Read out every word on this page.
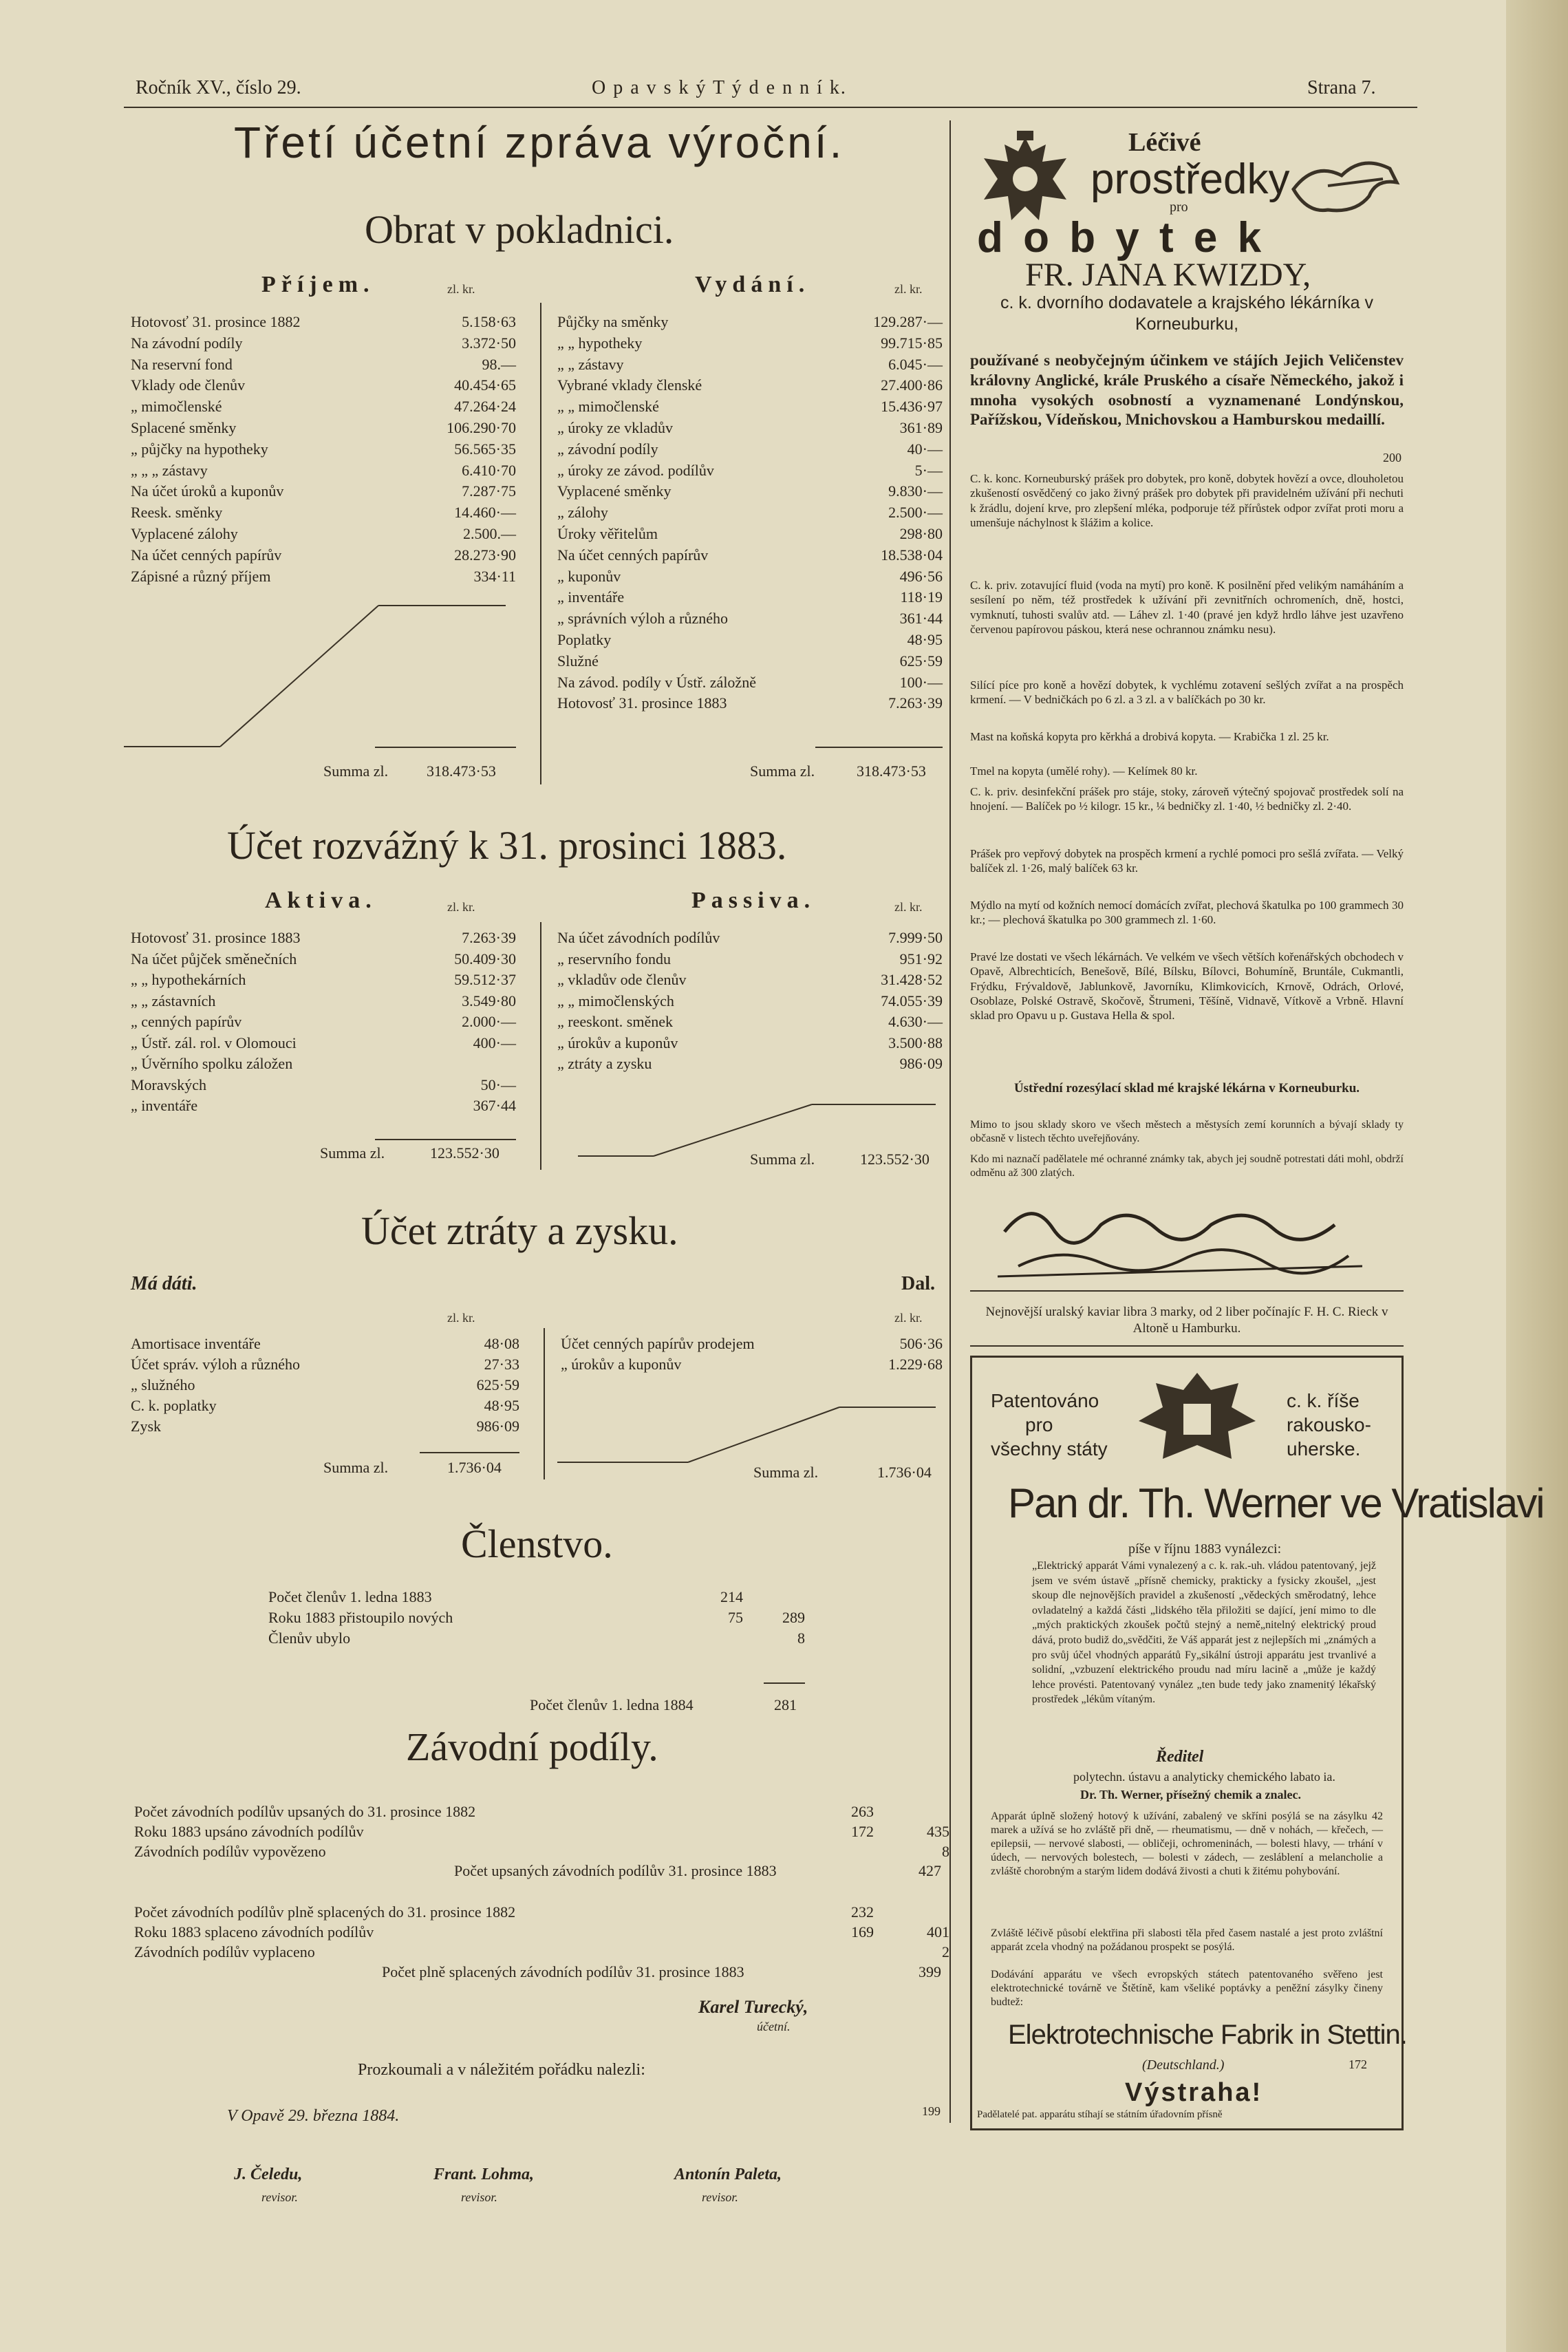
Ročník XV., číslo 29.	O p a v s k ý T ý d e n n í k.	Strana 7.
Třetí účetní zpráva výroční.
Obrat v pokladnici.
Příjem.	zl. kr.	Vydání.	zl. kr.
Hotovosť 31. prosince 1882	5.158·63
Na závodní podíly	3.372·50
Na reservní fond	98.—
Vklady ode členův	40.454·65
„ mimočlenské	47.264·24
Splacené směnky	106.290·70
„ půjčky na hypotheky	56.565·35
„ „ „ zástavy	6.410·70
Na účet úroků a kuponův	7.287·75
Reesk. směnky	14.460·—
Vyplacené zálohy	2.500.—
Na účet cenných papírův	28.273·90
Zápisné a různý příjem	334·11
Půjčky na směnky	129.287·—
„ „ hypotheky	99.715·85
„ „ zástavy	6.045·—
Vybrané vklady členské	27.400·86
„ „ mimočlenské	15.436·97
„ úroky ze vkladův	361·89
„ závodní podíly	40·—
„ úroky ze závod. podílův	5·—
Vyplacené směnky	9.830·—
„ zálohy	2.500·—
Úroky věřitelům	298·80
Na účet cenných papírův	18.538·04
„ kuponův	496·56
„ inventáře	118·19
„ správních výloh a různého	361·44
Poplatky	48·95
Služné	625·59
Na závod. podíly v Ústř. záložně	100·—
Hotovosť 31. prosince 1883	7.263·39
Summa zl.	318.473·53	Summa zl.	318.473·53
Účet rozvážný k 31. prosinci 1883.
Aktiva.	zl. kr.	Passiva.	zl. kr.
Hotovosť 31. prosince 1883	7.263·39
Na účet půjček směnečních	50.409·30
„ „ hypothekárních	59.512·37
„ „ zástavních	3.549·80
„ cenných papírův	2.000·—
„ Ústř. zál. rol. v Olomouci	400·—
„ Úvěrního spolku záložen
Moravských	50·—
„ inventáře	367·44
Na účet závodních podílův	7.999·50
„ reservního fondu	951·92
„ vkladův ode členův	31.428·52
„ „ mimočlenských	74.055·39
„ reeskont. směnek	4.630·—
„ úrokův a kuponův	3.500·88
„ ztráty a zysku	986·09
Summa zl.	123.552·30	Summa zl.	123.552·30
Účet ztráty a zysku.
Má dáti.	Dal.
zl. kr.	zl. kr.
Amortisace inventáře	48·08
Účet správ. výloh a různého	27·33
„ služného	625·59
C. k. poplatky	48·95
Zysk	986·09
Účet cenných papírův prodejem	506·36
„ úrokův a kuponův	1.229·68
Summa zl.	1.736·04	Summa zl.	1.736·04
Členstvo.
Počet členův 1. ledna 1883	214
Roku 1883 přistoupilo nových	75	289
Členův ubylo	8
Počet členův 1. ledna 1884	281
Závodní podíly.
Počet závodních podílův upsaných do 31. prosince 1882	263
Roku 1883 upsáno závodních podílův	172	435
Závodních podílův vypovězeno	8
Počet upsaných závodních podílův 31. prosince 1883	427
Počet závodních podílův plně splacených do 31. prosince 1882	232
Roku 1883 splaceno závodních podílův	169	401
Závodních podílův vyplaceno	2
Počet plně splacených závodních podílův 31. prosince 1883	399
Karel Turecký,
účetní.
Prozkoumali a v náležitém pořádku nalezli:
V Opavě 29. března 1884.	199
J. Čeledu,
revisor.
Frant. Lohma,
revisor.
Antonín Paleta,
revisor.
Léčivé
prostředky
pro
d o b y t e k
FR. JANA KWIZDY,
c. k. dvorního dodavatele a krajského lékárníka v Korneuburku,
používané s neobyčejným účinkem ve stájích Jejich Veličenstev královny Anglické, krále Pruského a císaře Německého, jakož i mnoha vysokých osobností a vyznamenané Londýnskou, Pařížskou, Vídeňskou, Mnichovskou a Hamburskou medaillí.
200
C. k. konc. Korneuburský prášek pro dobytek, pro koně, dobytek hovězí a ovce, dlouholetou zkušeností osvědčený co jako živný prášek pro dobytek při pravidelném užívání při nechuti k žrádlu, dojení krve, pro zlepšení mléka, podporuje též přírůstek odpor zvířat proti moru a umenšuje náchylnost k šlážim a kolice.
C. k. priv. zotavující fluid (voda na mytí) pro koně. K posilnění před velikým namáháním a sesílení po něm, též prostředek k užívání při zevnitřních ochromeních, dně, hostci, vymknutí, tuhosti svalův atd. — Láhev zl. 1·40 (pravé jen když hrdlo láhve jest uzavřeno červenou papírovou páskou, která nese ochrannou známku nesu).
Silící píce pro koně a hovězí dobytek, k vychlému zotavení sešlých zvířat a na prospěch krmení. — V bedničkách po 6 zl. a 3 zl. a v balíčkách po 30 kr.
Mast na koňská kopyta pro kěrkhá a drobivá kopyta. — Krabička 1 zl. 25 kr.
Tmel na kopyta (umělé rohy). — Kelímek 80 kr.
C. k. priv. desinfekční prášek pro stáje, stoky, zároveň výtečný spojovač prostředek solí na hnojení. — Balíček po ½ kilogr. 15 kr., ¼ bedničky zl. 1·40, ½ bedničky zl. 2·40.
Prášek pro vepřový dobytek na prospěch krmení a rychlé pomoci pro sešlá zvířata. — Velký balíček zl. 1·26, malý balíček 63 kr.
Mýdlo na mytí od kožních nemocí domácích zvířat, plechová škatulka po 100 grammech 30 kr.; — plechová škatulka po 300 grammech zl. 1·60.
Pravé lze dostati ve všech lékárnách. Ve velkém ve všech větších kořenářských obchodech v Opavě, Albrechticích, Benešově, Bílé, Bílsku, Bílovci, Bohumíně, Bruntále, Cukmantli, Frýdku, Frývaldově, Jablunkově, Javorníku, Klimkovicích, Krnově, Odrách, Orlové, Osoblaze, Polské Ostravě, Skočově, Štrumeni, Těšíně, Vidnavě, Vítkově a Vrbně. Hlavní sklad pro Opavu u p. Gustava Hella & spol.
Ústřední rozesýlací sklad mé krajské lékárna v Korneuburku.
Mimo to jsou sklady skoro ve všech městech a městysích zemí korunních a bývají sklady ty občasně v listech těchto uveřejňovány.
Kdo mi naznačí padělatele mé ochranné známky tak, abych jej soudně potrestati dáti mohl, obdrží odměnu až 300 zlatých.
Nejnovější uralský kaviar libra 3 marky, od 2 liber počínajíc F. H. C. Rieck v Altoně u Hamburku.
Patentováno
pro
všechny státy
c. k. říše
rakousko-
uherske.
Pan dr. Th. Werner ve Vratislavi
píše v říjnu 1883 vynálezci:
„Elektrický apparát Vámi vynalezený a c. k. rak.-uh. vládou patentovaný, jejž jsem ve svém ústavě „přísně chemicky, prakticky a fysicky zkoušel, „jest skoup dle nejnovějších pravidel a zkušeností „vědeckých směrodatný, lehce ovladatelný a každá části „lidského těla přiložiti se dající, jení mimo to dle „mých praktických zkoušek počtů stejný a nemě„nitelný elektrický proud dává, proto budiž do„svědčiti, že Váš apparát jest z nejlepších mi „známých a pro svůj účel vhodných apparátů Fy„sikální ústroji apparátu jest trvanlivé a solidní, „vzbuzení elektrického proudu nad míru lacině a „může je každý lehce provésti. Patentovaný vynález „ten bude tedy jako znamenitý lékařský prostředek „lékům vítaným.
Ředitel
polytechn. ústavu a analyticky chemického labato ia.
Dr. Th. Werner, přísežný chemik a znalec.
Apparát úplně složený hotový k užívání, zabalený ve skříni posýlá se na zásylku 42 marek a užívá se ho zvláště při dně, — rheumatismu, — dně v nohách, — křečech, — epilepsii, — nervové slabosti, — obličeji, ochromeninách, — bolesti hlavy, — trhání v údech, — nervových bolestech, — bolesti v zádech, — zesláblení a melancholie a zvláště chorobným a starým lidem dodává živosti a chuti k žitému pohybování.
Zvláště léčivě působí elektřina při slabosti těla před časem nastalé a jest proto zvláštní apparát zcela vhodný na požádanou prospekt se posýlá.
Dodávání apparátu ve všech evropských státech patentovaného svěřeno jest elektrotechnické továrně ve Štětíně, kam všeliké poptávky a peněžní zásylky čineny budtež:
Elektrotechnische Fabrik in Stettin.
(Deutschland.)	172
Výstraha!
Padělatelé pat. apparátu stíhají se státním úřadovním přísně
